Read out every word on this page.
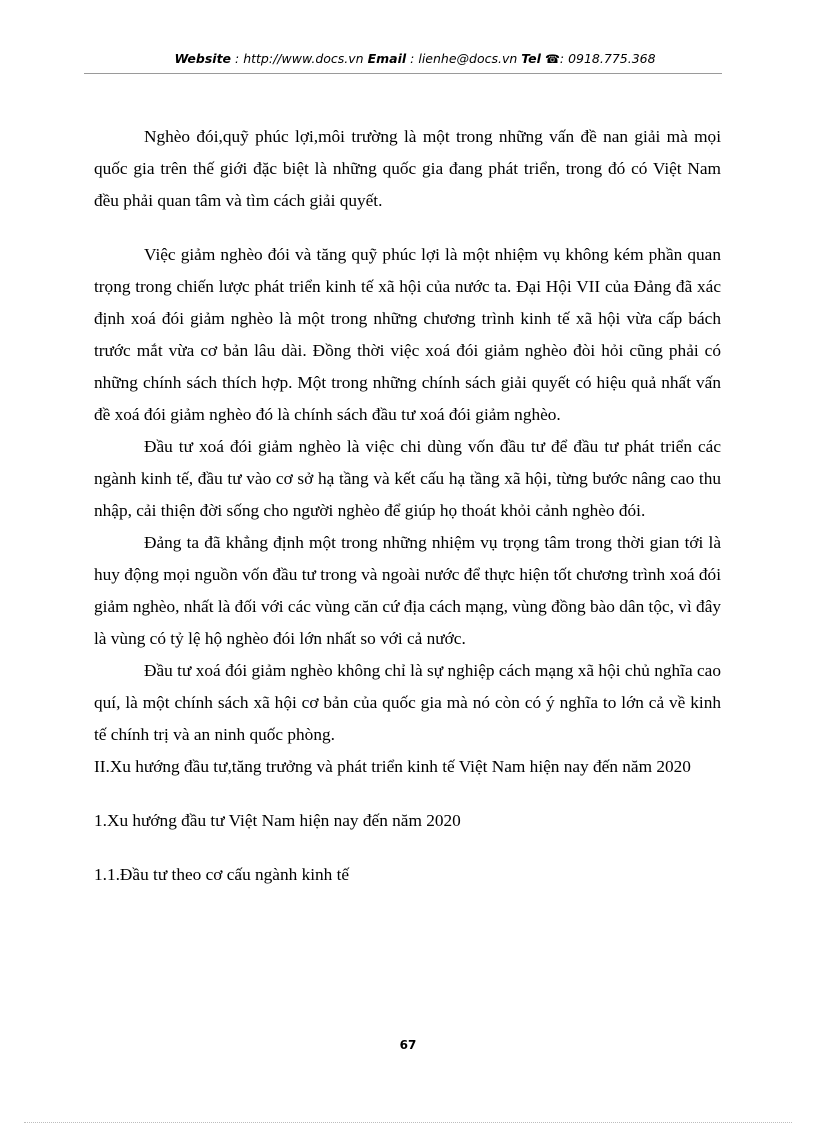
Website : http://www.docs.vn Email : lienhe@docs.vn Tel ☎: 0918.775.368

Nghèo đói,quỹ phúc lợi,môi trường là một trong những vấn đề nan giải mà mọi quốc gia trên thế giới đặc biệt là những quốc gia đang phát triển, trong đó có Việt Nam đều phải quan tâm và tìm cách giải quyết.

Việc giảm nghèo đói và tăng quỹ phúc lợi là một nhiệm vụ không kém phần quan trọng trong chiến lược phát triển kinh tế xã hội của nước ta. Đại Hội VII của Đảng đã xác định xoá đói giảm nghèo là một trong những chương trình kinh tế xã hội vừa cấp bách trước mắt vừa cơ bản lâu dài. Đồng thời việc xoá đói giảm nghèo đòi hỏi cũng phải có những chính sách thích hợp. Một trong những chính sách giải quyết có hiệu quả nhất vấn đề xoá đói giảm nghèo đó là chính sách đầu tư xoá đói giảm nghèo.

Đầu tư xoá đói giảm nghèo là việc chi dùng vốn đầu tư để đầu tư phát triển các ngành kinh tế, đầu tư vào cơ sở hạ tầng và kết cấu hạ tầng xã hội, từng bước nâng cao thu nhập, cải thiện đời sống cho người nghèo để giúp họ thoát khỏi cảnh nghèo đói.

Đảng ta đã khẳng định một trong những nhiệm vụ trọng tâm trong thời gian tới là huy động mọi nguồn vốn đầu tư trong và ngoài nước để thực hiện tốt chương trình xoá đói giảm nghèo, nhất là đối với các vùng căn cứ địa cách mạng, vùng đồng bào dân tộc, vì đây là vùng có tỷ lệ hộ nghèo đói lớn nhất so với cả nước.

Đầu tư xoá đói giảm nghèo không chỉ là sự nghiệp cách mạng xã hội chủ nghĩa cao quí, là một chính sách xã hội cơ bản của quốc gia mà nó còn có ý nghĩa to lớn cả về kinh tế chính trị và an ninh quốc phòng.

II.Xu hướng đầu tư,tăng trưởng và phát triển kinh tế Việt Nam hiện nay đến năm 2020

1.Xu hướng đầu tư Việt Nam hiện nay đến năm 2020

1.1.Đầu tư theo cơ cấu ngành kinh tế

67
